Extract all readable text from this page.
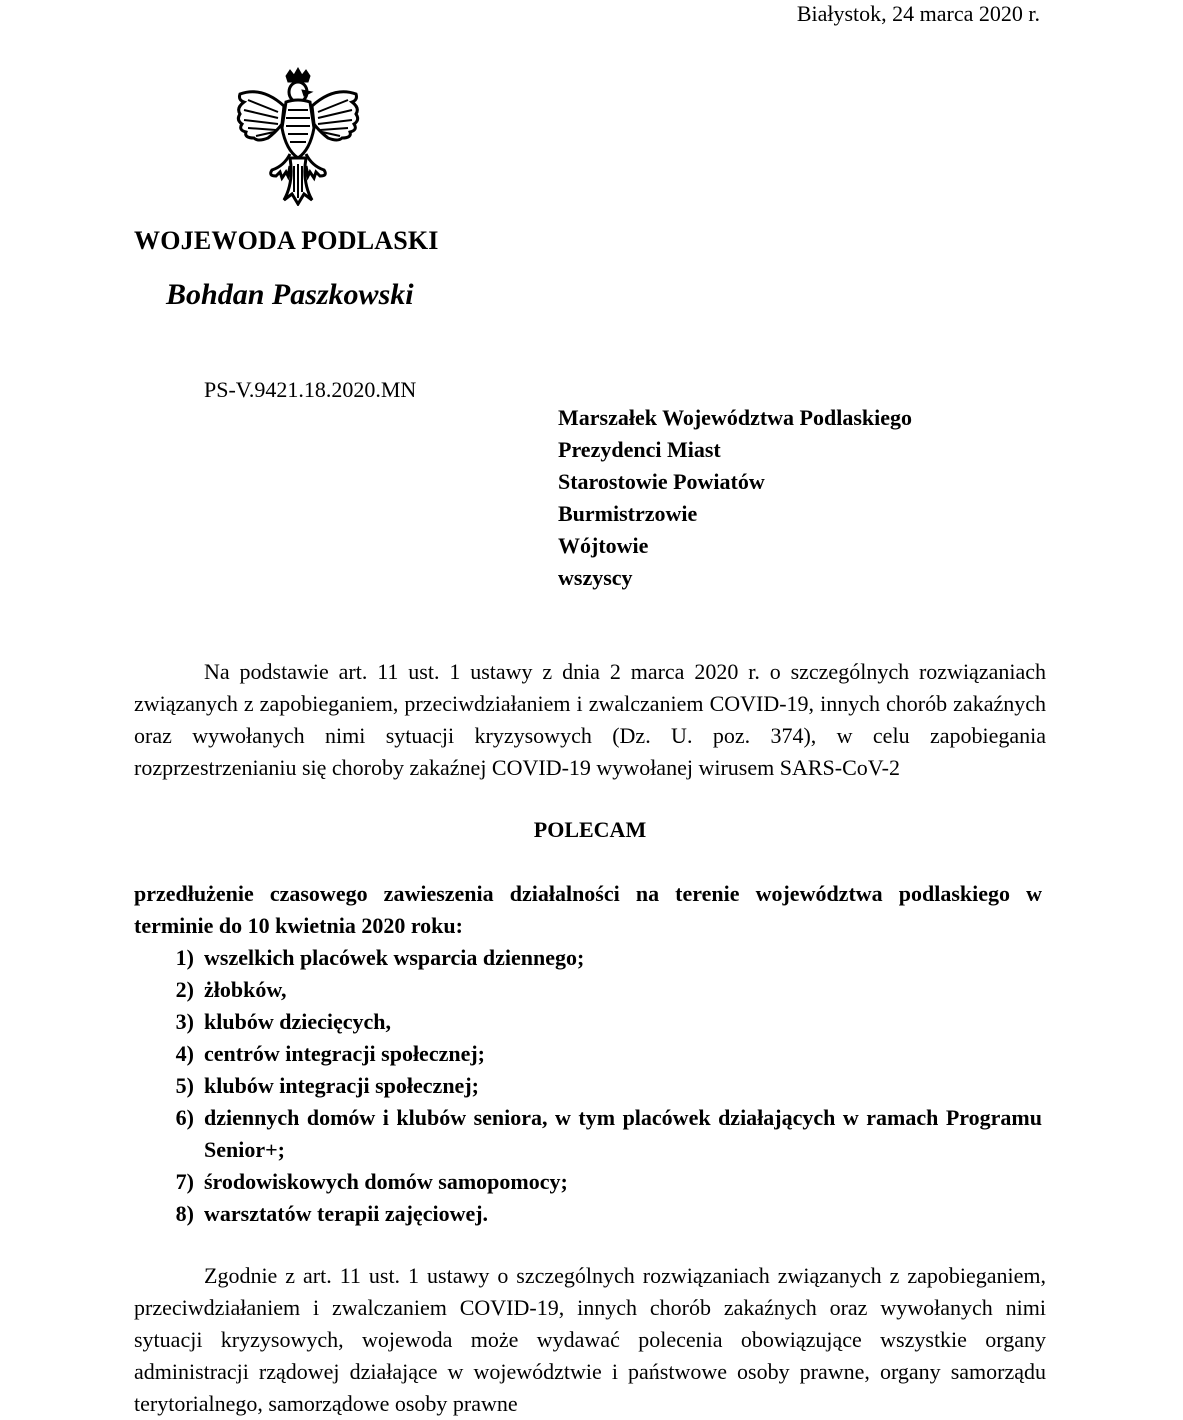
Białystok, 24 marca 2020 r.
WOJEWODA PODLASKI
Bohdan Paszkowski
PS-V.9421.18.2020.MN
Marszałek Województwa Podlaskiego
Prezydenci Miast
Starostowie Powiatów
Burmistrzowie
Wójtowie
wszyscy

Na podstawie art. 11 ust. 1 ustawy z dnia 2 marca 2020 r. o szczególnych rozwiązaniach związanych z zapobieganiem, przeciwdziałaniem i zwalczaniem COVID-19, innych chorób zakaźnych oraz wywołanych nimi sytuacji kryzysowych (Dz. U. poz. 374), w celu zapobiegania rozprzestrzenianiu się choroby zakaźnej COVID-19 wywołanej wirusem SARS-CoV-2

POLECAM

przedłużenie czasowego zawieszenia działalności na terenie województwa podlaskiego w terminie do 10 kwietnia 2020 roku:

1) wszelkich placówek wsparcia dziennego;
2) żłobków,
3) klubów dziecięcych,
4) centrów integracji społecznej;
5) klubów integracji społecznej;
6) dziennych domów i klubów seniora, w tym placówek działających w ramach Programu Senior+;
7) środowiskowych domów samopomocy;
8) warsztatów terapii zajęciowej.

Zgodnie z art. 11 ust. 1 ustawy o szczególnych rozwiązaniach związanych z zapobieganiem, przeciwdziałaniem i zwalczaniem COVID-19, innych chorób zakaźnych oraz wywołanych nimi sytuacji kryzysowych, wojewoda może wydawać polecenia obowiązujące wszystkie organy administracji rządowej działające w województwie i państwowe osoby prawne, organy samorządu terytorialnego, samorządowe osoby prawne
